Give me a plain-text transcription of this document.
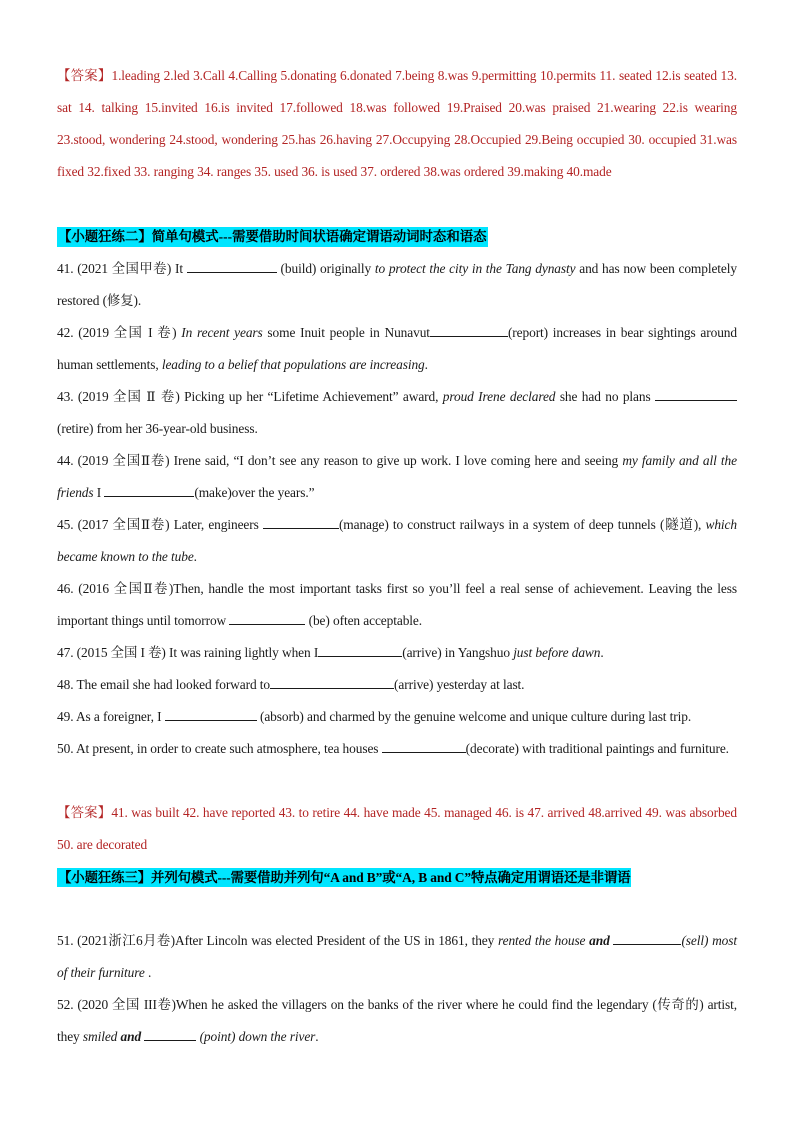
【答案】1.leading 2.led 3.Call 4.Calling 5.donating 6.donated 7.being 8.was 9.permitting 10.permits 11. seated 12.is seated 13. sat 14. talking 15.invited 16.is invited 17.followed 18.was followed 19.Praised 20.was praised 21.wearing 22.is wearing 23.stood, wondering 24.stood, wondering 25.has 26.having 27.Occupying 28.Occupied 29.Being occupied 30. occupied 31.was fixed 32.fixed 33. ranging 34. ranges 35. used 36. is used 37. ordered 38.was ordered 39.making 40.made

【小题狂练二】简单句模式---需要借助时间状语确定谓语动词时态和语态

41. (2021 全国甲卷) It	(build) originally to protect the city in the Tang dynasty and has now been completely restored (修复).

42. (2019 全国 I 卷) In recent years some Inuit people in Nunavut	(report) increases in bear sightings around human settlements, leading to a belief that populations are increasing.

43. (2019 全国 Ⅱ 卷) Picking up her “Lifetime Achievement” award, proud Irene declared she had no plans (retire) from her 36-year-old business.

44. (2019 全国Ⅱ卷) Irene said, “I don’t see any reason to give up work. I love coming here and seeing my family and all the friends I	(make)over the years.”

45. (2017 全国Ⅱ卷) Later, engineers	(manage) to construct railways in a system of deep tunnels (隧道), which became known to the tube.

46. (2016 全国Ⅱ卷)Then, handle the most important tasks first so you’ll feel a real sense of achievement. Leaving the less important things until tomorrow	(be) often acceptable.

47. (2015 全国 I 卷) It was raining lightly when I	(arrive) in Yangshuo just before dawn.

48. The email she had looked forward to	(arrive) yesterday at last.

49. As a foreigner, I	(absorb) and charmed by the genuine welcome and unique culture during last trip.

50. At present, in order to create such atmosphere, tea houses	(decorate) with traditional paintings and furniture.

【答案】41. was built 42. have reported 43. to retire 44. have made 45. managed 46. is 47. arrived 48.arrived 49. was absorbed 50. are decorated

【小题狂练三】并列句模式---需要借助并列句“A and B”或“A, B and C”特点确定用谓语还是非谓语

51. (2021浙江6月卷)After Lincoln was elected President of the US in 1861, they rented the house and	(sell) most of their furniture .

52. (2020 全国 III卷)When he asked the villagers on the banks of the river where he could find the legendary (传奇的) artist, they smiled and	(point) down the river.
